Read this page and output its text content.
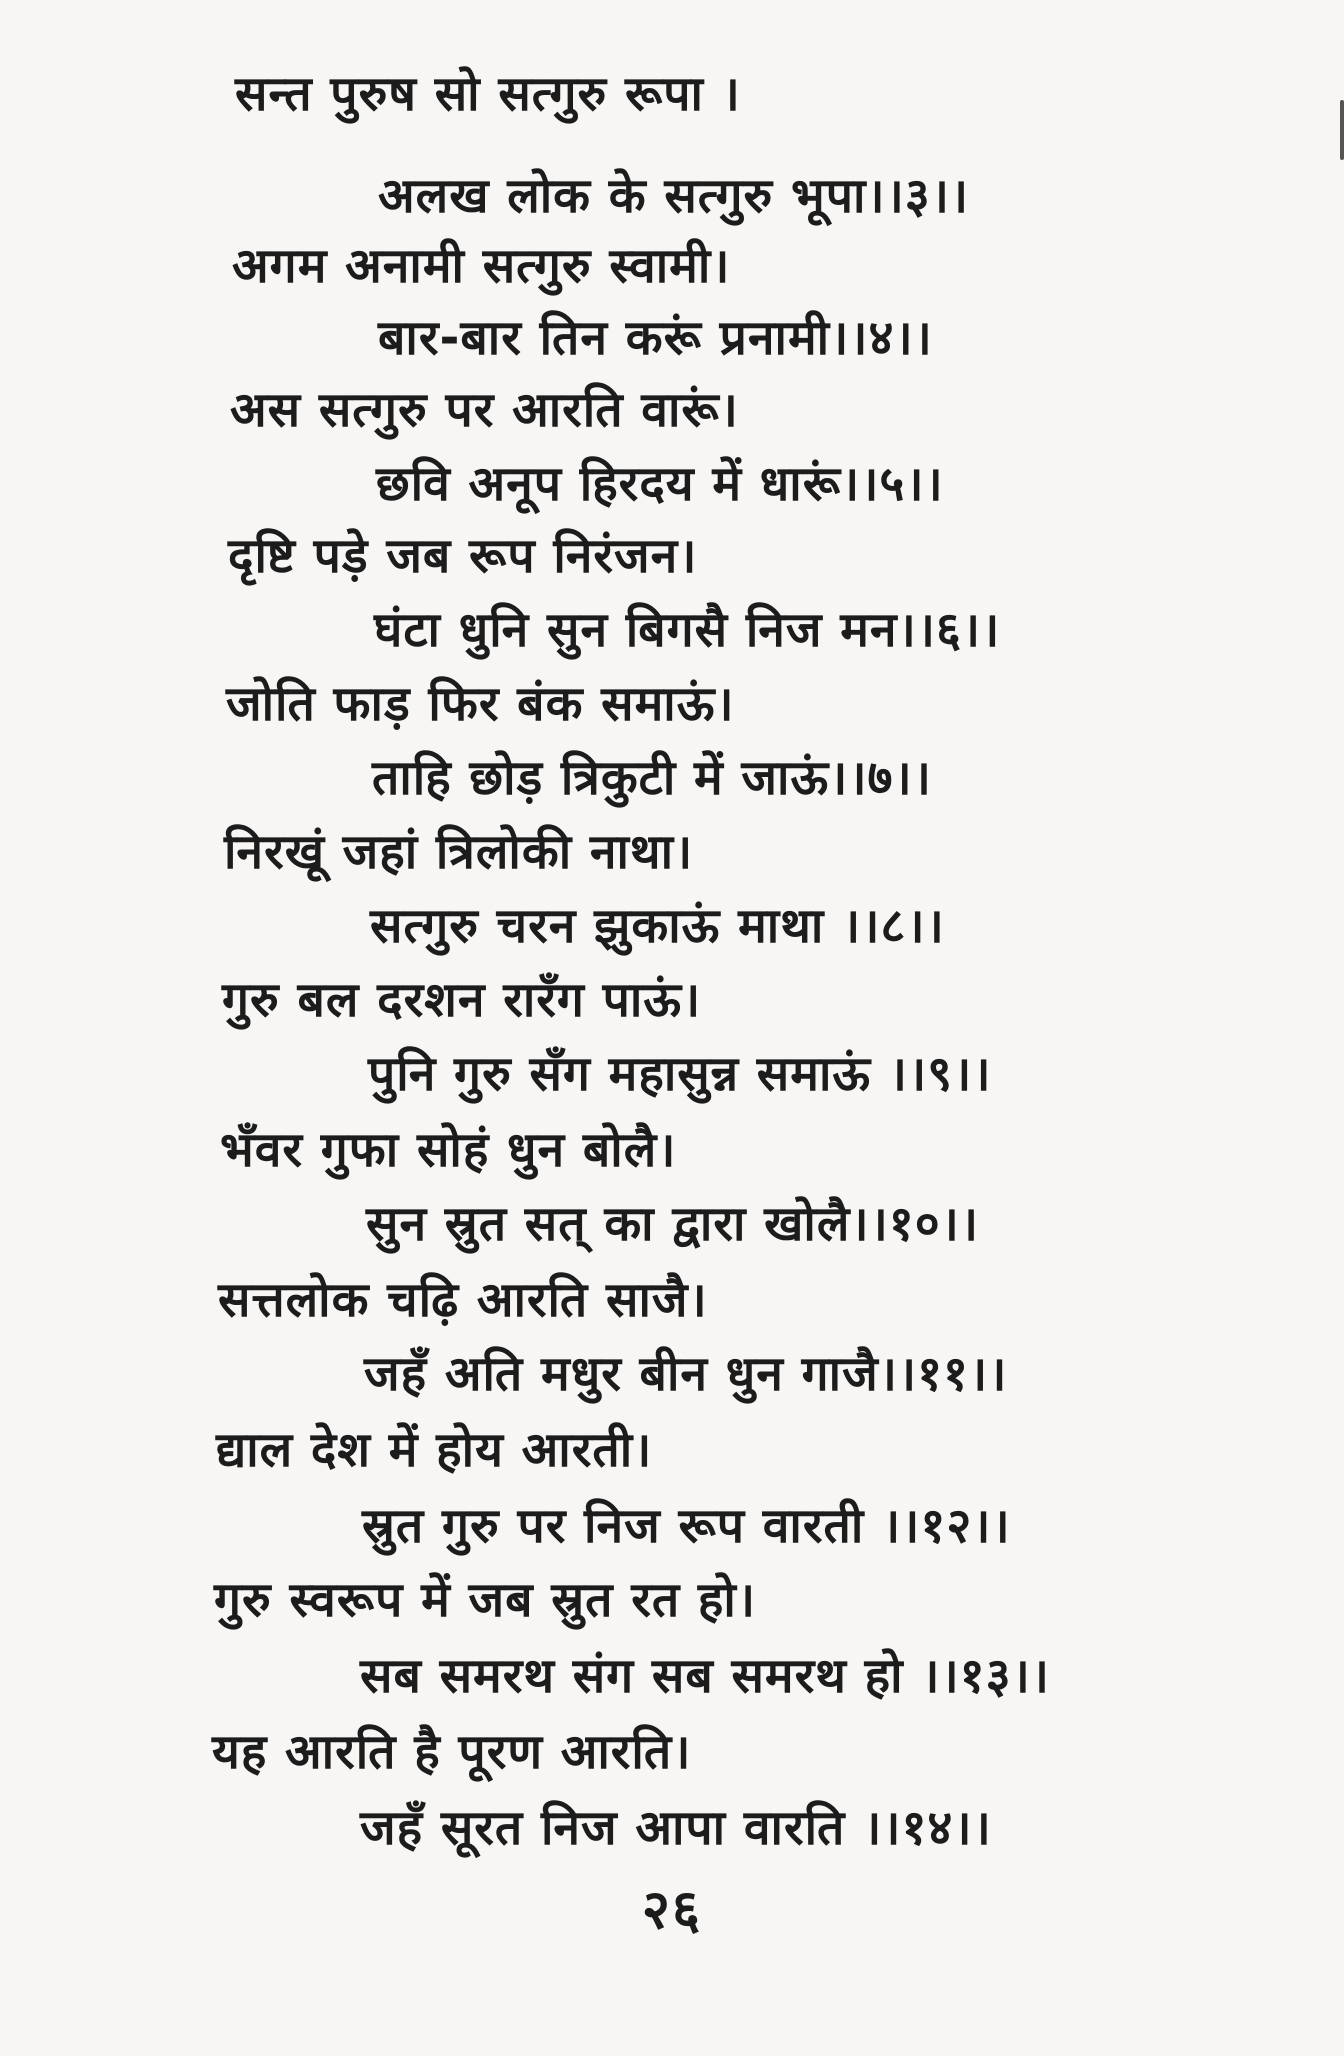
सन्त पुरुष सो सत्गुरु रूपा ।
अलख लोक के सत्गुरु भूपा।।३।।
अगम अनामी सत्गुरु स्वामी।
बार-बार तिन करूं प्रनामी।।४।।
अस सत्गुरु पर आरति वारूं।
छवि अनूप हिरदय में धारूं।।५।।
दृष्टि पड़े जब रूप निरंजन।
घंटा धुनि सुन बिगसै निज मन।।६।।
जोति फाड़ फिर बंक समाऊं।
ताहि छोड़ त्रिकुटी में जाऊं।।७।।
निरखूं जहां त्रिलोकी नाथा।
सत्गुरु चरन झुकाऊं माथा ।।८।।
गुरु बल दरशन रारँग पाऊं।
पुनि गुरु सँग महासुन्न समाऊं ।।९।।
भँवर गुफा सोहं धुन बोलै।
सुन स्रुत सत् का द्वारा खोलै।।१०।।
सत्तलोक चढ़ि आरति साजै।
जहँ अति मधुर बीन धुन गाजै।।११।।
द्याल देश में होय आरती।
स्रुत गुरु पर निज रूप वारती ।।१२।।
गुरु स्वरूप में जब स्रुत रत हो।
सब समरथ संग सब समरथ हो ।।१३।।
यह आरति है पूरण आरति।
जहँ सूरत निज आपा वारति ।।१४।।
२६
